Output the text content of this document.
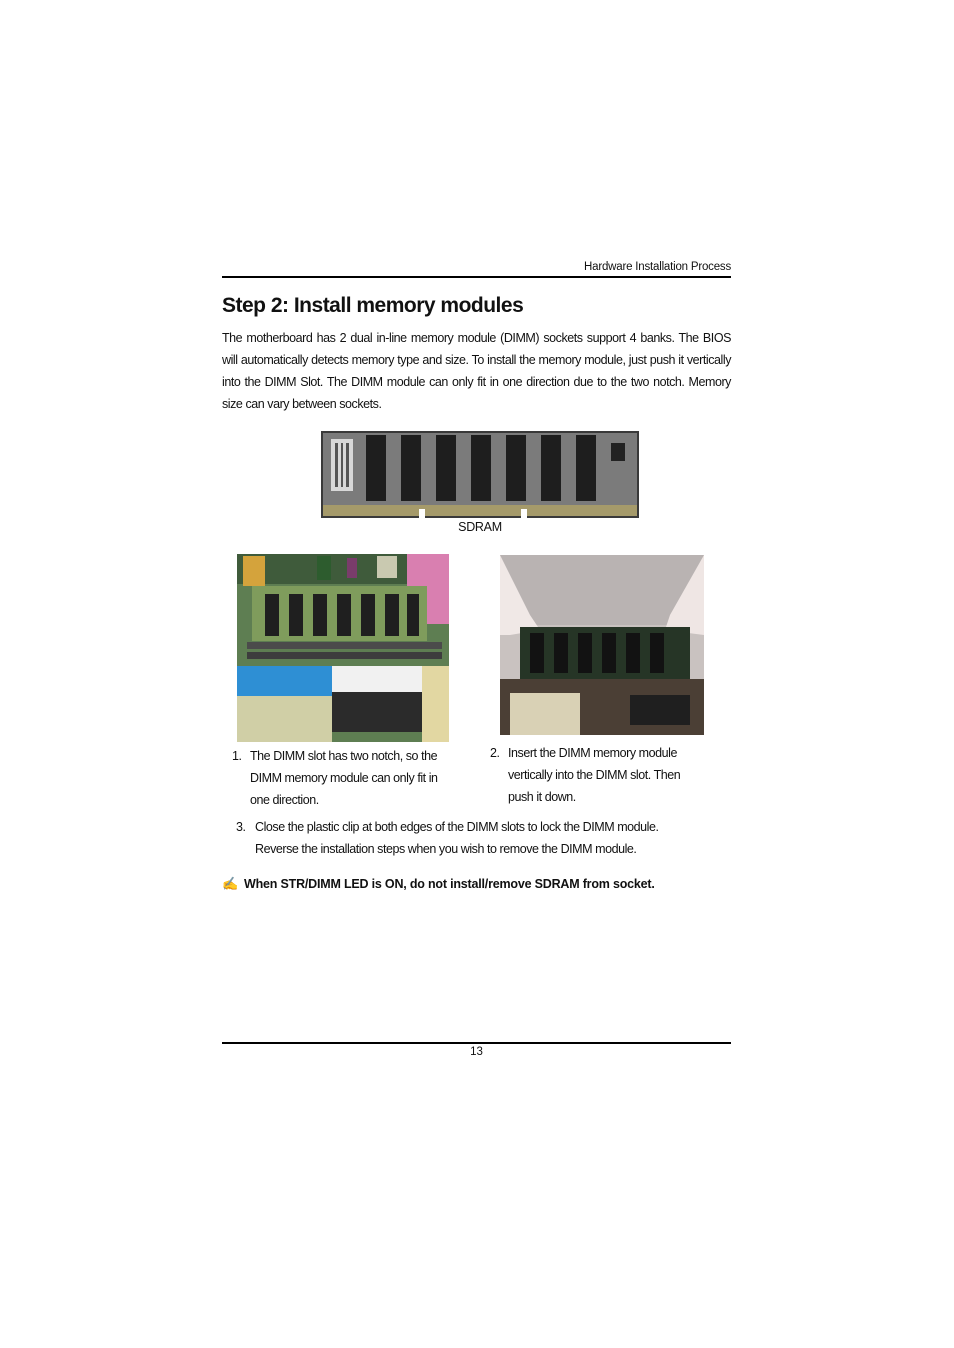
Hardware Installation Process
Step 2: Install memory modules

The motherboard has 2 dual in-line memory module (DIMM) sockets support 4 banks. The BIOS will automatically detects memory type and size. To install the memory module, just push it vertically into the DIMM Slot. The DIMM module can only fit in one direction due to the two notch. Memory size can vary between sockets.

SDRAM
1. The DIMM slot has two notch, so the DIMM memory module can only fit in one direction.
2. Insert the DIMM memory module vertically into the DIMM slot. Then push it down.
3. Close the plastic clip at both edges of the DIMM slots to lock the DIMM module. Reverse the installation steps when you wish to remove the DIMM module.
✍ When STR/DIMM LED is ON, do not install/remove SDRAM from socket.
13
